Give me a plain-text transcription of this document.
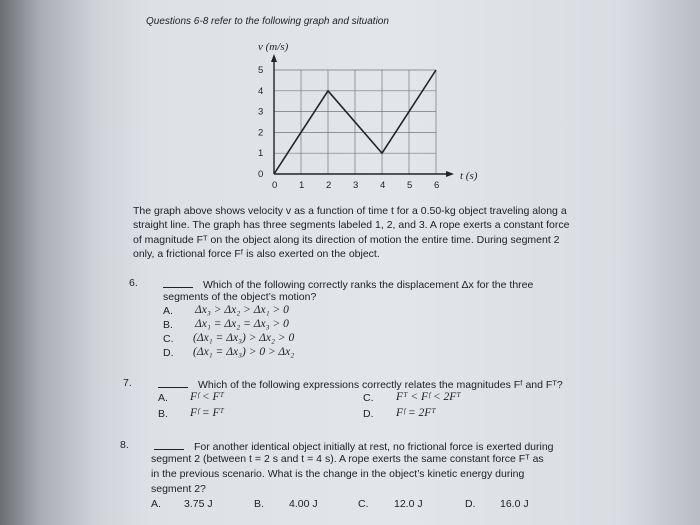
Questions 6-8 refer to the following graph and situation
0 1 2 3 4 5 6
0
1
2
3
4
5
v (m/s)
t (s)
The graph above shows velocity v as a function of time t for a 0.50-kg object traveling along a
straight line. The graph has three segments labeled 1, 2, and 3. A rope exerts a constant force
of magnitude Fᵀ on the object along its direction of motion the entire time. During segment 2
only, a frictional force Fᶠ is also exerted on the object.
6.	Which of the following correctly ranks the displacement Δx for the three
segments of the object’s motion?
A. Δx₃ > Δx₂ > Δx₁ > 0
B. Δx₁ = Δx₂ = Δx₃ > 0
C. (Δx₁ = Δx₃) > Δx₂ > 0
D. (Δx₁ = Δx₃) > 0 > Δx₂
7.	Which of the following expressions correctly relates the magnitudes Fᶠ and Fᵀ?
A. Fᶠ < Fᵀ
B. Fᶠ = Fᵀ
C. Fᵀ < Fᶠ < 2Fᵀ
D. Fᶠ = 2Fᵀ
8.	For another identical object initially at rest, no frictional force is exerted during
segment 2 (between t = 2 s and t = 4 s). A rope exerts the same constant force Fᵀ as
in the previous scenario. What is the change in the object’s kinetic energy during
segment 2?
A. 3.75 J	B. 4.00 J	C. 12.0 J	D. 16.0 J
